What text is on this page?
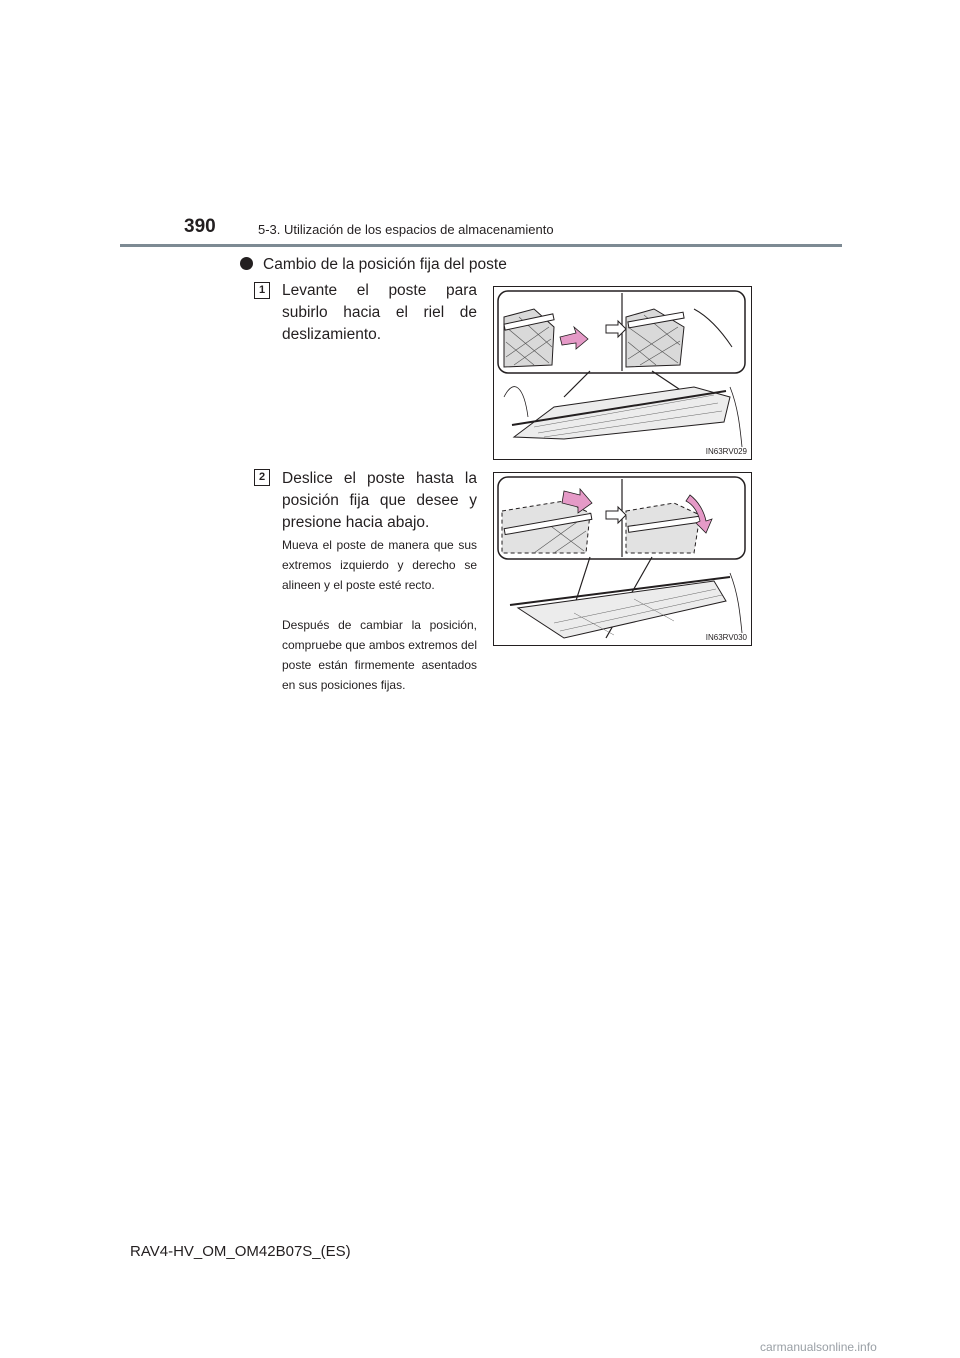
390	5-3. Utilización de los espacios de almacenamiento
Cambio de la posición fija del poste
1	Levante el poste para subirlo hacia el riel de deslizamiento.
IN63RV029
2	Deslice el poste hasta la posición fija que desee y presione hacia abajo.
Mueva el poste de manera que sus extremos izquierdo y derecho se alineen y el poste esté recto.
Después de cambiar la posición, compruebe que ambos extremos del poste están firmemente asentados en sus posiciones fijas.
IN63RV030
RAV4-HV_OM_OM42B07S_(ES)
carmanualsonline.info
